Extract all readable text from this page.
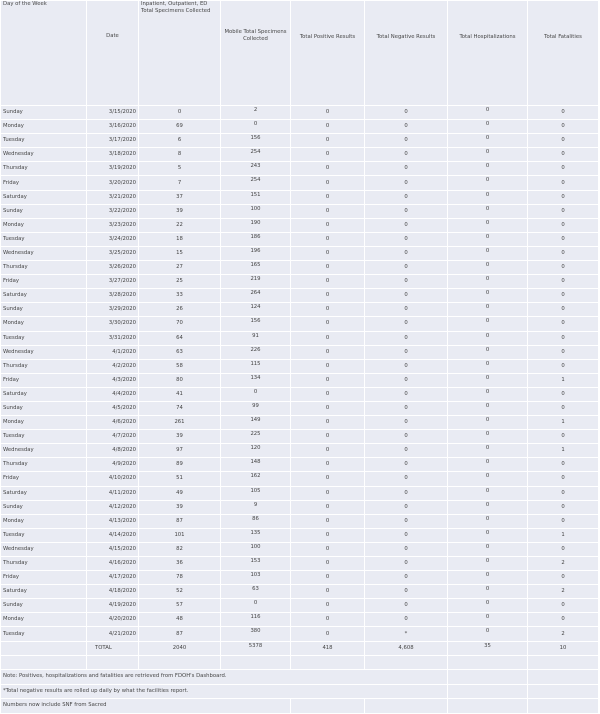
Day of the Week	Date	Inpatient, Outpatient, ED Total Specimens Collected	Mobile Total Specimens Collected	Total Positive Results	Total Negative Results	Total Hospitalizations	Total Fatalities
Sunday	3/15/2020	0	2	0	0	0	0
Monday	3/16/2020	69	0	0	0	0	0
Tuesday	3/17/2020	6	156	0	0	0	0
Wednesday	3/18/2020	8	254	0	0	0	0
Thursday	3/19/2020	5	243	0	0	0	0
Friday	3/20/2020	7	254	0	0	0	0
Saturday	3/21/2020	37	151	0	0	0	0
Sunday	3/22/2020	39	100	0	0	0	0
Monday	3/23/2020	22	190	0	0	0	0
Tuesday	3/24/2020	18	186	0	0	0	0
Wednesday	3/25/2020	15	196	0	0	0	0
Thursday	3/26/2020	27	165	0	0	0	0
Friday	3/27/2020	25	219	0	0	0	0
Saturday	3/28/2020	33	264	0	0	0	0
Sunday	3/29/2020	26	124	0	0	0	0
Monday	3/30/2020	70	156	0	0	0	0
Tuesday	3/31/2020	64	91	0	0	0	0
Wednesday	4/1/2020	63	226	0	0	0	0
Thursday	4/2/2020	58	115	0	0	0	0
Friday	4/3/2020	80	134	0	0	0	1
Saturday	4/4/2020	41	0	0	0	0	0
Sunday	4/5/2020	74	99	0	0	0	0
Monday	4/6/2020	261	149	0	0	0	1
Tuesday	4/7/2020	39	225	0	0	0	0
Wednesday	4/8/2020	97	120	0	0	0	1
Thursday	4/9/2020	89	148	0	0	0	0
Friday	4/10/2020	51	162	0	0	0	0
Saturday	4/11/2020	49	105	0	0	0	0
Sunday	4/12/2020	39	9	0	0	0	0
Monday	4/13/2020	87	86	0	0	0	0
Tuesday	4/14/2020	101	135	0	0	0	1
Wednesday	4/15/2020	82	100	0	0	0	0
Thursday	4/16/2020	36	153	0	0	0	2
Friday	4/17/2020	78	103	0	0	0	0
Saturday	4/18/2020	52	63	0	0	0	2
Sunday	4/19/2020	57	0	0	0	0	0
Monday	4/20/2020	48	116	0	0	0	0
Tuesday	4/21/2020	87	380	0	*	0	2
	TOTAL	2040	5378	418	4,608	35	10

Note: Positives, hospitalizations and fatalities are retrieved from FDOH's Dashboard.							
*Total negative results are rolled up daily by what the facilities report.							
Numbers now include SNF from Sacred							
